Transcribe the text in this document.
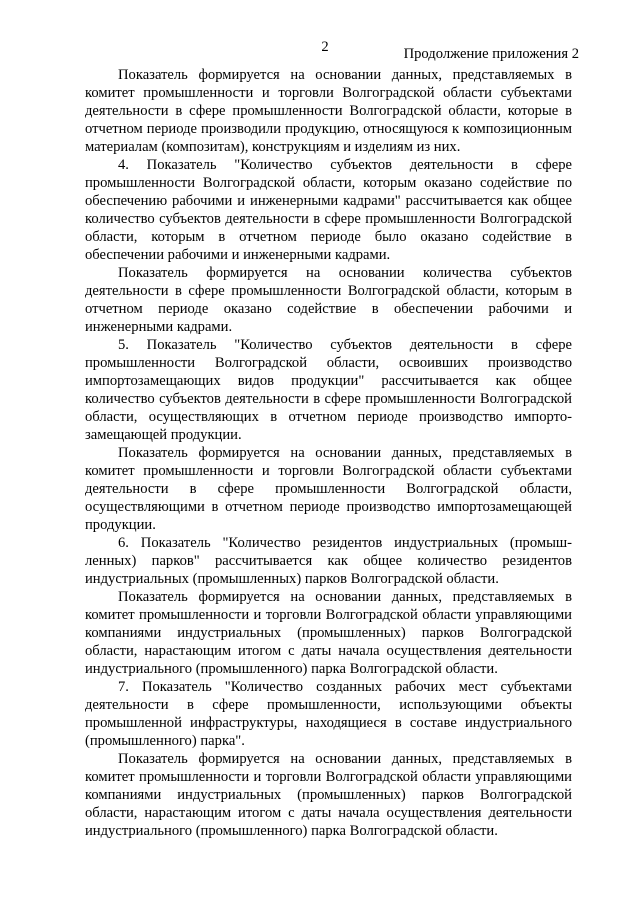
2	Продолжение приложения 2

Показатель формируется на основании данных, представляемых в комитет промышленности и торговли Волгоградской области субъектами деятельности в сфере промышленности Волгоградской области, которые в отчетном периоде производили продукцию, относящуюся к композиционным материалам (композитам), конструкциям и изделиям из них.

4. Показатель "Количество субъектов деятельности в сфере промышленности Волгоградской области, которым оказано содействие по обеспечению рабочими и инженерными кадрами" рассчитывается как общее количество субъектов деятельности в сфере промышленности Волгоградской области, которым в отчетном периоде было оказано содействие в обеспечении рабочими и инженерными кадрами.

Показатель формируется на основании количества субъектов деятельности в сфере промышленности Волгоградской области, которым в отчетном периоде оказано содействие в обеспечении рабочими и инженерными кадрами.

5. Показатель "Количество субъектов деятельности в сфере промышленности Волгоградской области, освоивших производство импортозамещающих видов продукции" рассчитывается как общее количество субъектов деятельности в сфере промышленности Волгоградской области, осуществляющих в отчетном периоде производство импортозамещающей продукции.

Показатель формируется на основании данных, представляемых в комитет промышленности и торговли Волгоградской области субъектами деятельности в сфере промышленности Волгоградской области, осуществляющими в отчетном периоде производство импортозамещающей продукции.

6. Показатель "Количество резидентов индустриальных (промышленных) парков" рассчитывается как общее количество резидентов индустриальных (промышленных) парков Волгоградской области.

Показатель формируется на основании данных, представляемых в комитет промышленности и торговли Волгоградской области управляющими компаниями индустриальных (промышленных) парков Волгоградской области, нарастающим итогом с даты начала осуществления деятельности индустриального (промышленного) парка Волгоградской области.

7. Показатель "Количество созданных рабочих мест субъектами деятельности в сфере промышленности, использующими объекты промышленной инфраструктуры, находящиеся в составе индустриального (промышленного) парка".

Показатель формируется на основании данных, представляемых в комитет промышленности и торговли Волгоградской области управляющими компаниями индустриальных (промышленных) парков Волгоградской области, нарастающим итогом с даты начала осуществления деятельности индустриального (промышленного) парка Волгоградской области.
